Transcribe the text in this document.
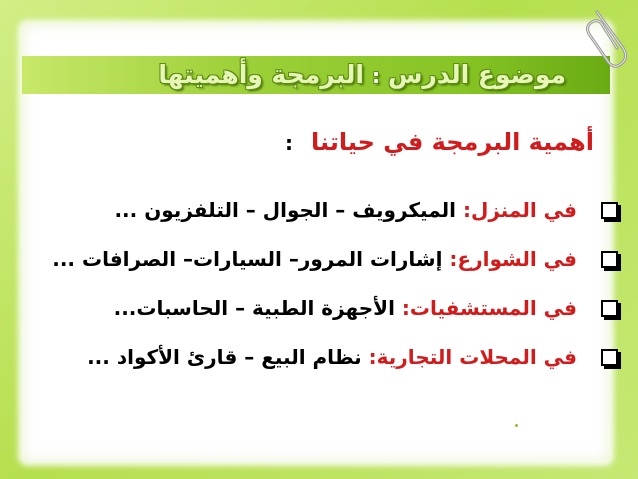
موضوع الدرس:البرمجة وأهميتها
أهمية البرمجة في حياتنا:
في المنزل:

الميكرويف – الجوال – التلفزيون ...
في الشوارع:

إشارات المرور– السيارات– الصرافات ...
في المستشفيات:

الأجهزة الطبية – الحاسبات...
في المحلات التجارية:

نظام البيع – قارئ الأكواد ...
